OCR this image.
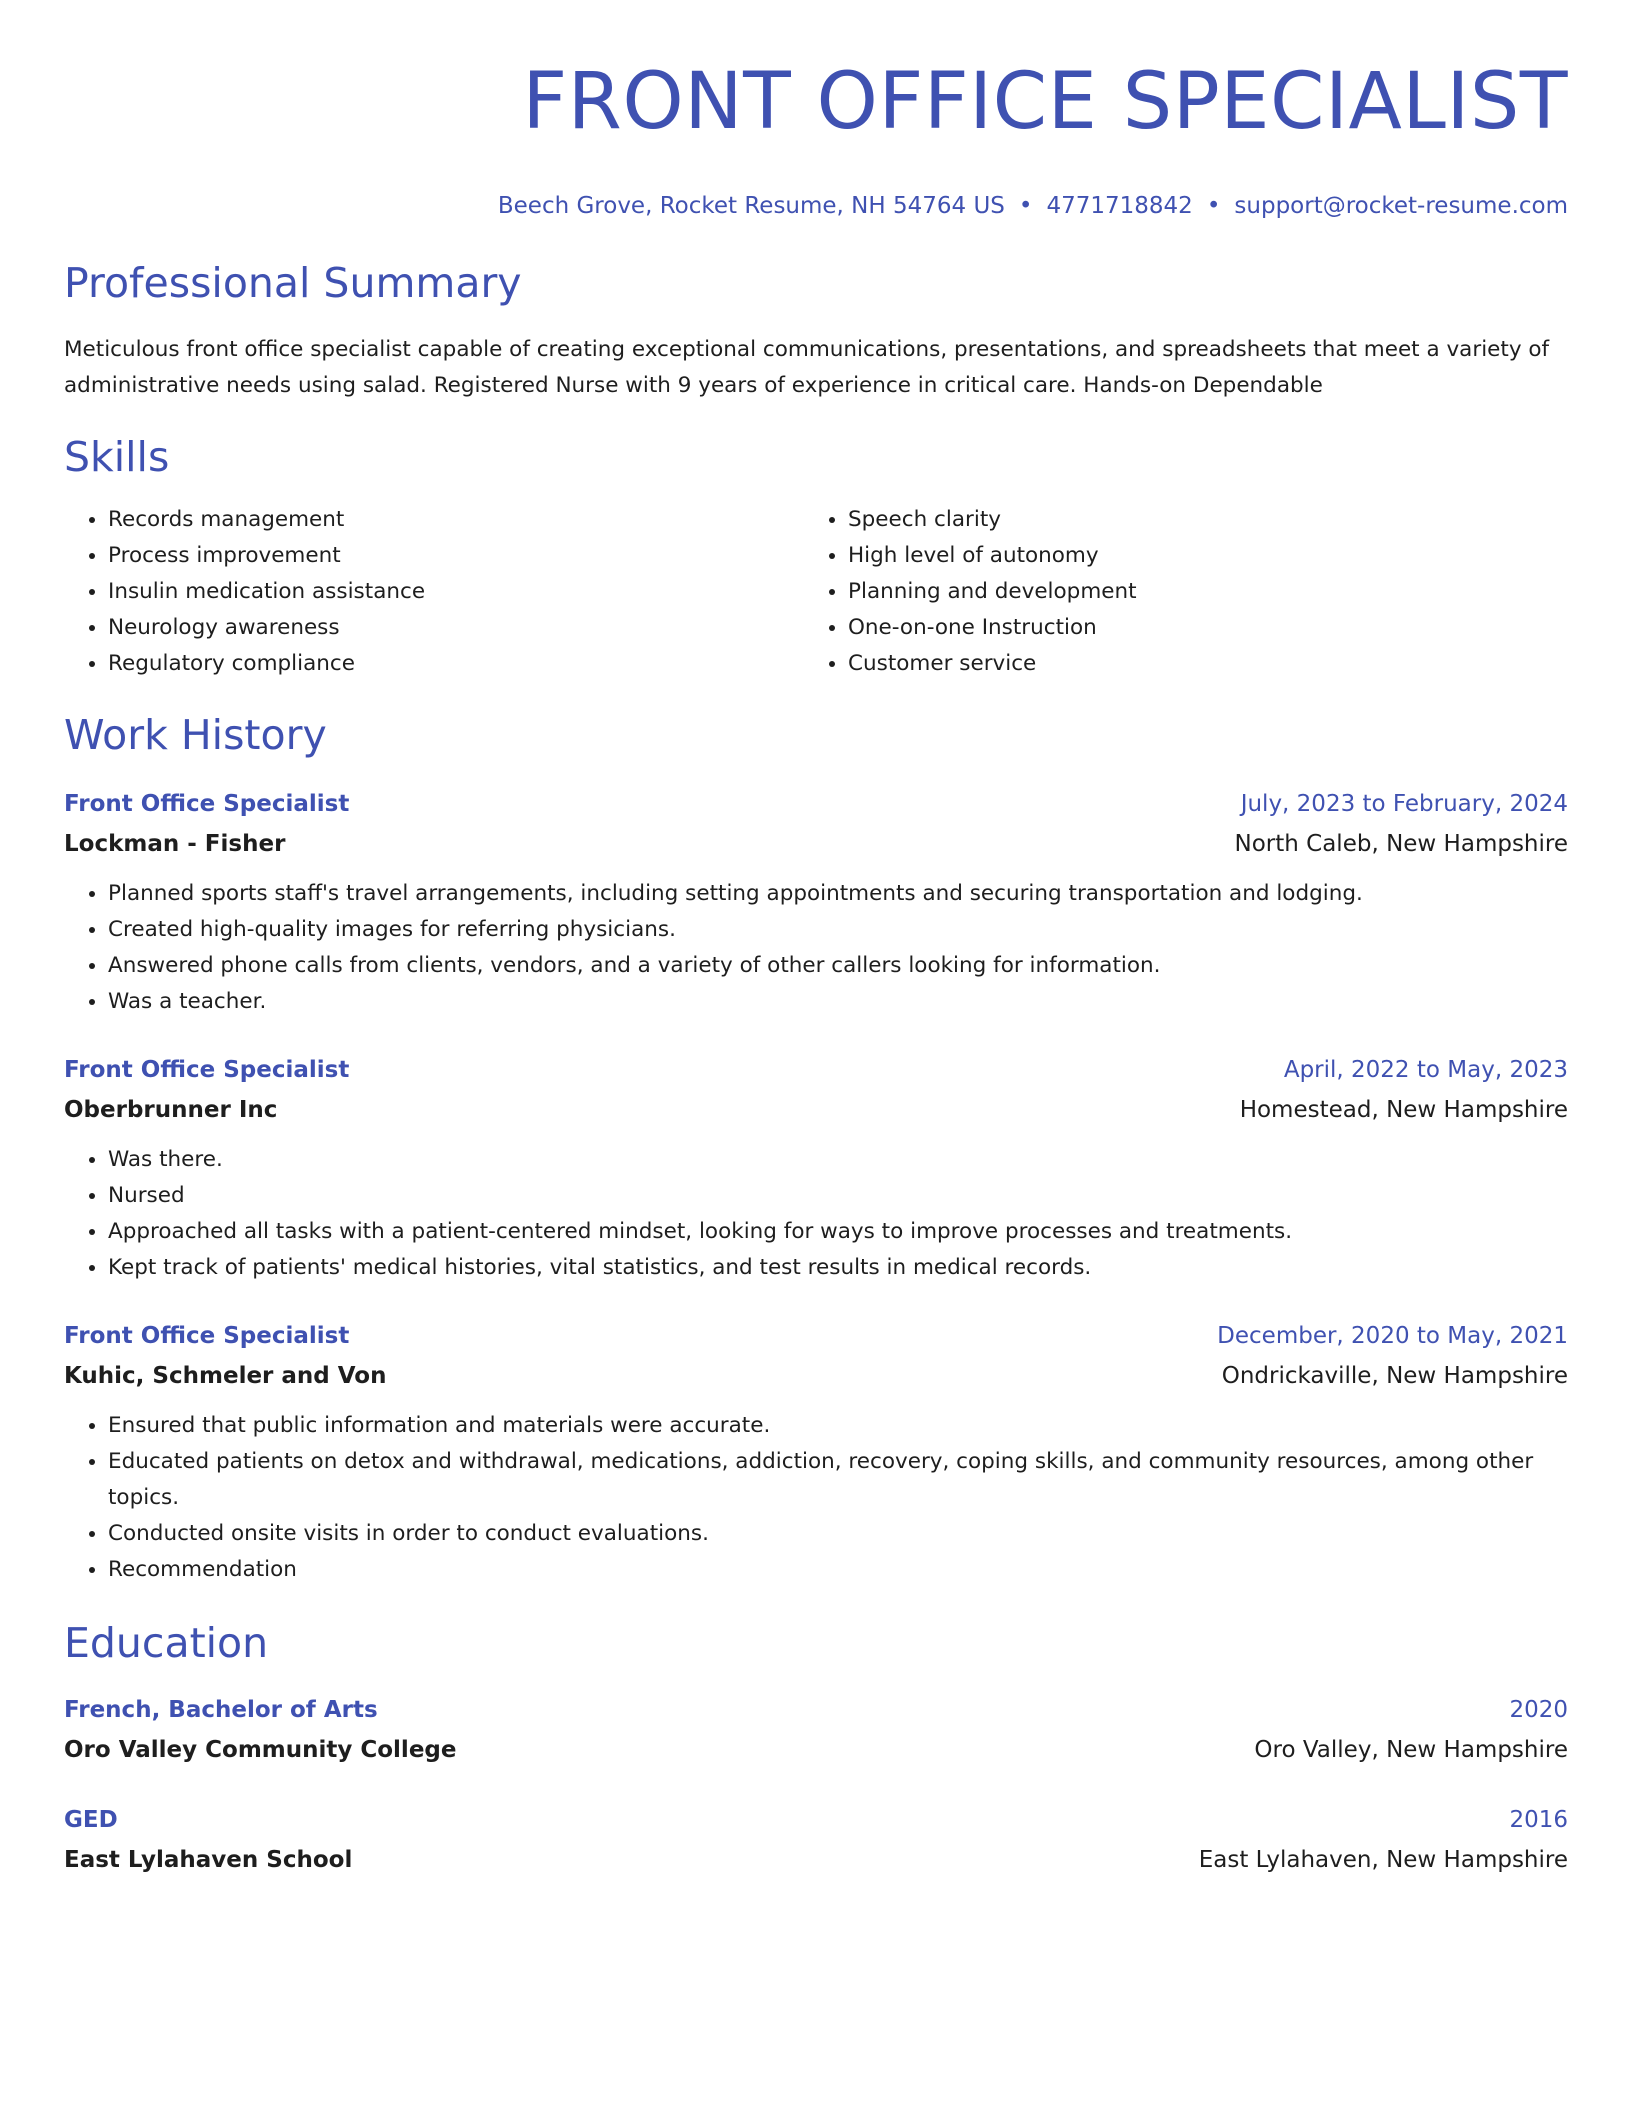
FRONT OFFICE SPECIALIST
Beech Grove, Rocket Resume, NH 54764 US • 4771718842 • support@rocket-resume.com
Professional Summary
Meticulous front office specialist capable of creating exceptional communications, presentations, and spreadsheets that meet a variety of administrative needs using salad. Registered Nurse with 9 years of experience in critical care. Hands-on Dependable
Skills
• Records management
• Process improvement
• Insulin medication assistance
• Neurology awareness
• Regulatory compliance
• Speech clarity
• High level of autonomy
• Planning and development
• One-on-one Instruction
• Customer service
Work History
Front Office Specialist	July, 2023 to February, 2024
Lockman - Fisher	North Caleb, New Hampshire
• Planned sports staff's travel arrangements, including setting appointments and securing transportation and lodging.
• Created high-quality images for referring physicians.
• Answered phone calls from clients, vendors, and a variety of other callers looking for information.
• Was a teacher.
Front Office Specialist	April, 2022 to May, 2023
Oberbrunner Inc	Homestead, New Hampshire
• Was there.
• Nursed
• Approached all tasks with a patient-centered mindset, looking for ways to improve processes and treatments.
• Kept track of patients' medical histories, vital statistics, and test results in medical records.
Front Office Specialist	December, 2020 to May, 2021
Kuhic, Schmeler and Von	Ondrickaville, New Hampshire
• Ensured that public information and materials were accurate.
• Educated patients on detox and withdrawal, medications, addiction, recovery, coping skills, and community resources, among other topics.
• Conducted onsite visits in order to conduct evaluations.
• Recommendation
Education
French, Bachelor of Arts	2020
Oro Valley Community College	Oro Valley, New Hampshire
GED	2016
East Lylahaven School	East Lylahaven, New Hampshire
